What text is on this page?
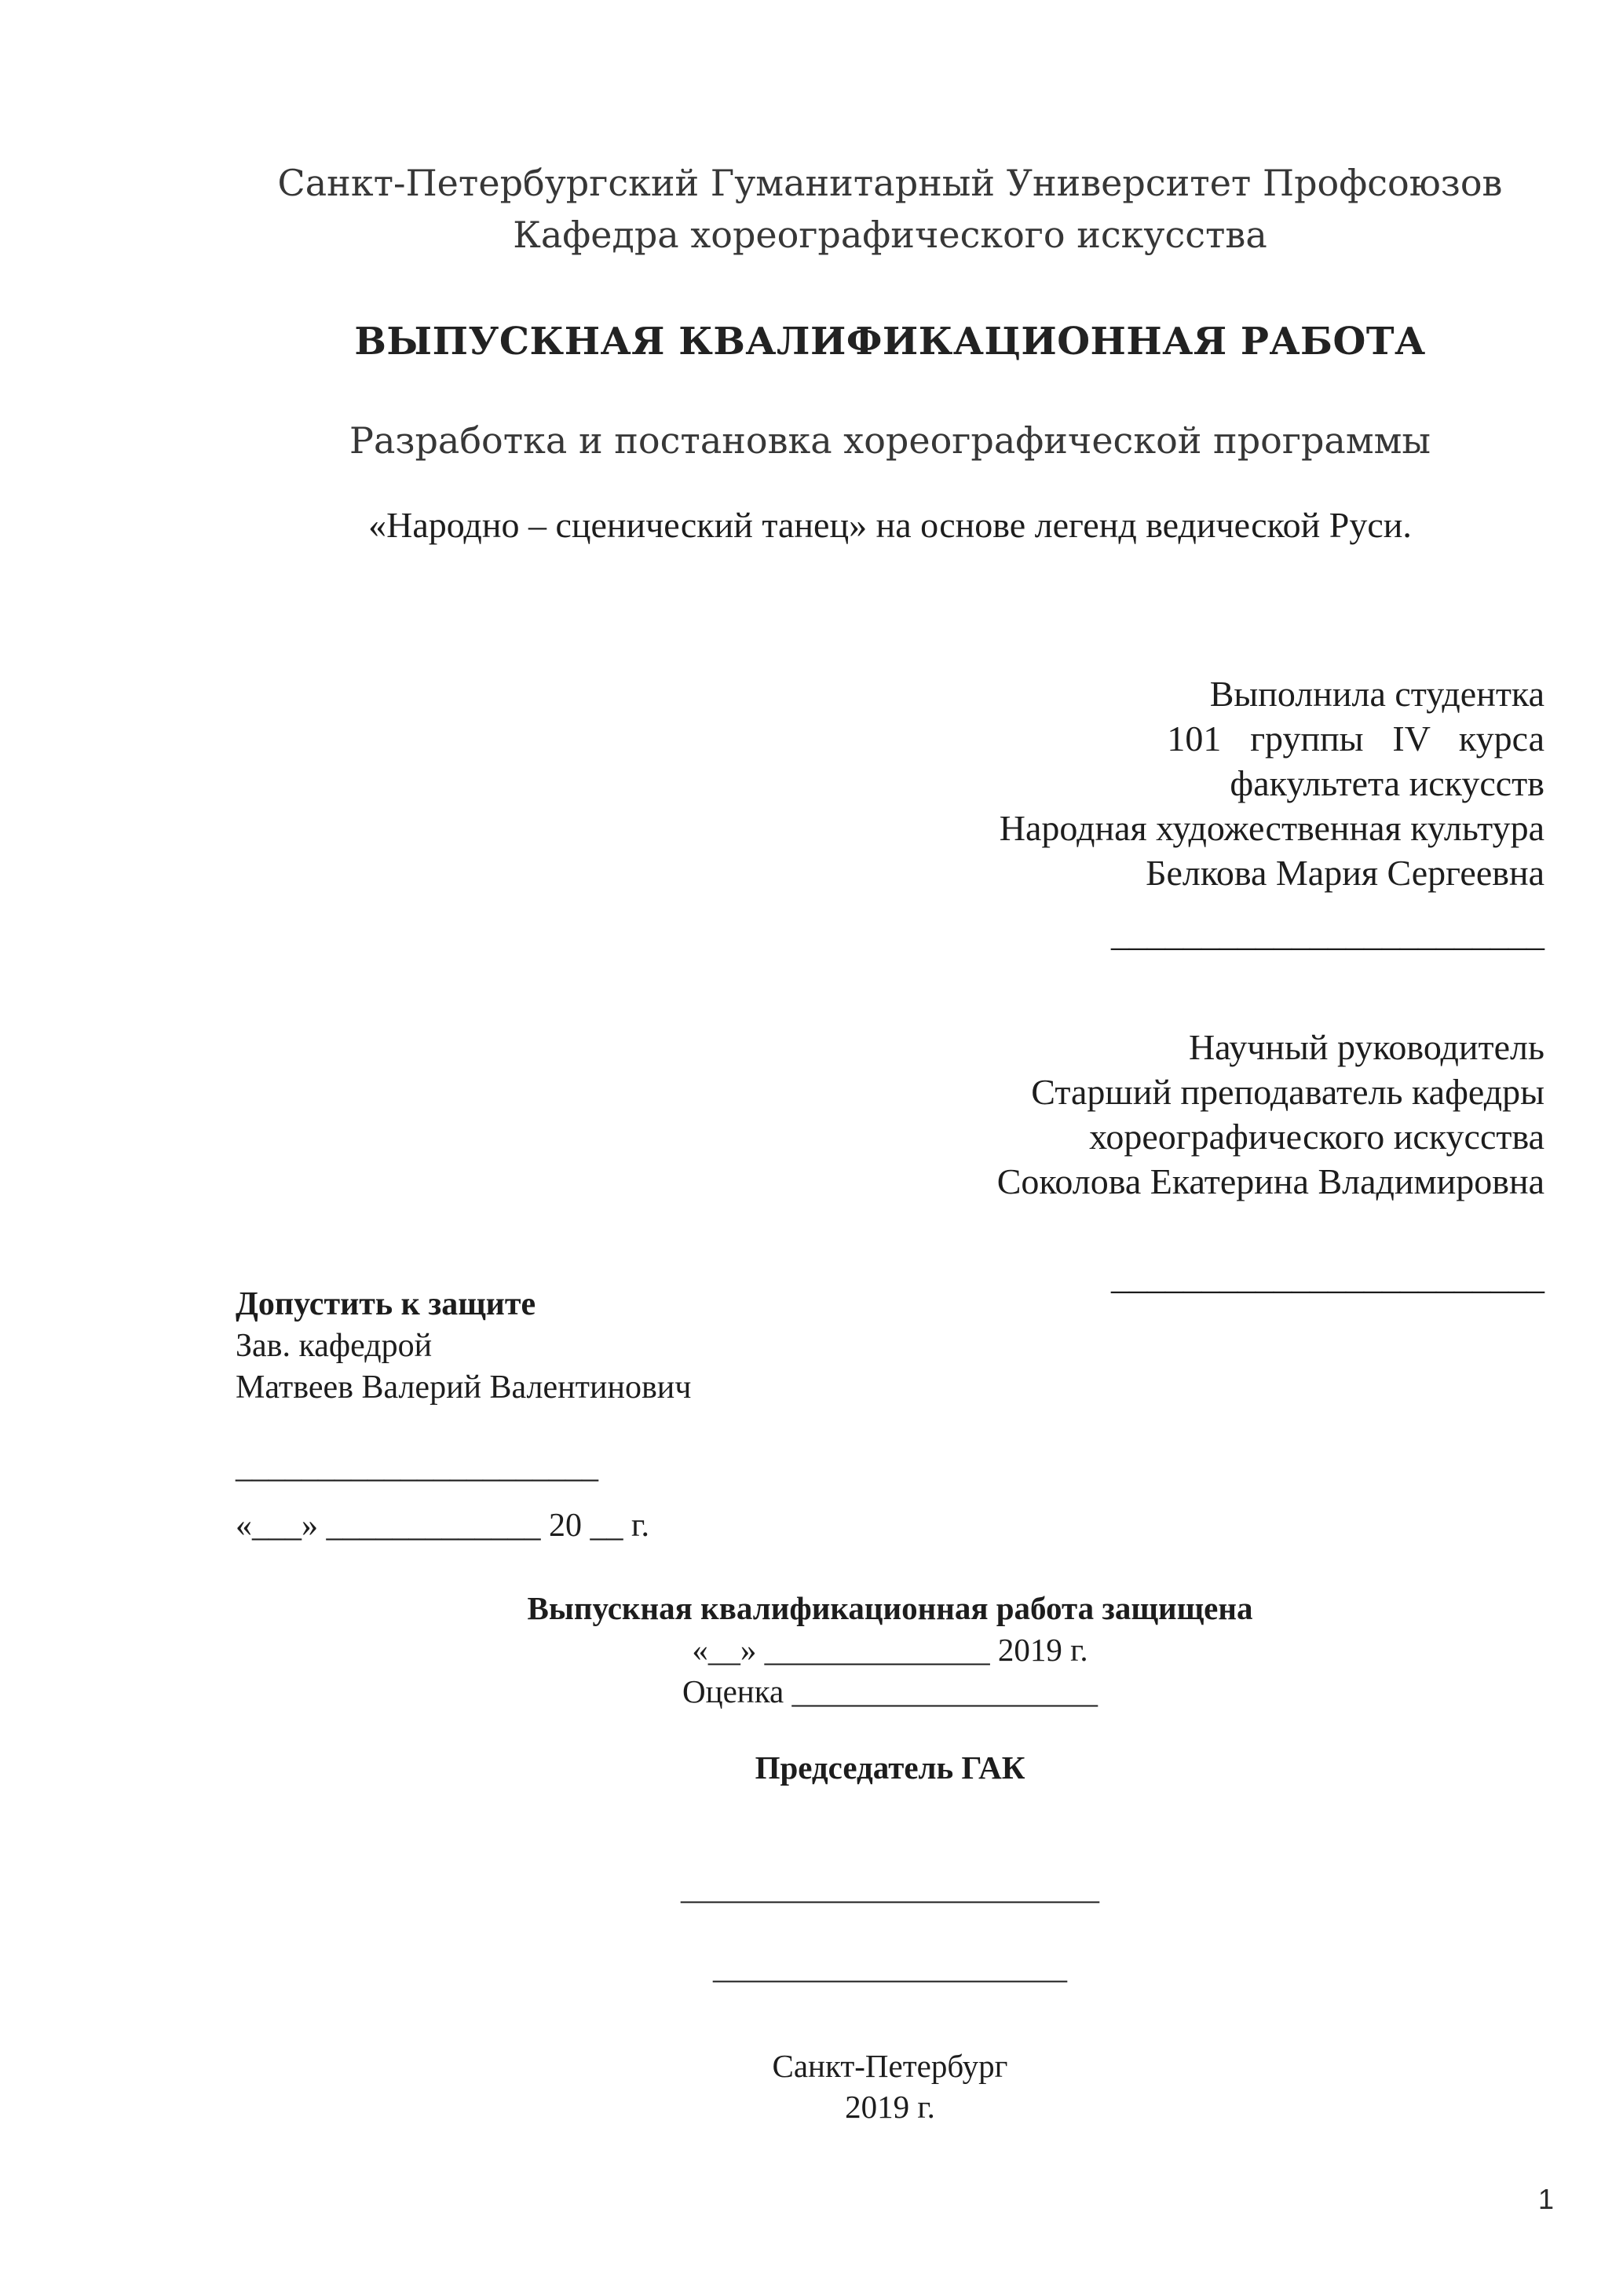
Санкт-Петербургский Гуманитарный Университет Профсоюзов
Кафедра хореографического искусства
ВЫПУСКНАЯ КВАЛИФИКАЦИОННАЯ РАБОТА
Разработка и постановка хореографической программы
«Народно – сценический танец» на основе легенд ведической Руси.
Выполнила студентка
101 группы IV курса
факультета искусств
Народная художественная культура
Белкова Мария Сергеевна
________________________
Научный руководитель
Старший преподаватель кафедры
хореографического искусства
Соколова Екатерина Владимировна
________________________
Допустить к защите
Зав. кафедрой
Матвеев Валерий Валентинович
______________________
«___» _____________ 20 __ г.
Выпускная квалификационная работа защищена
«__» ______________ 2019 г.
Оценка ___________________
Председатель ГАК
__________________________
______________________
Санкт-Петербург
2019 г.
1
